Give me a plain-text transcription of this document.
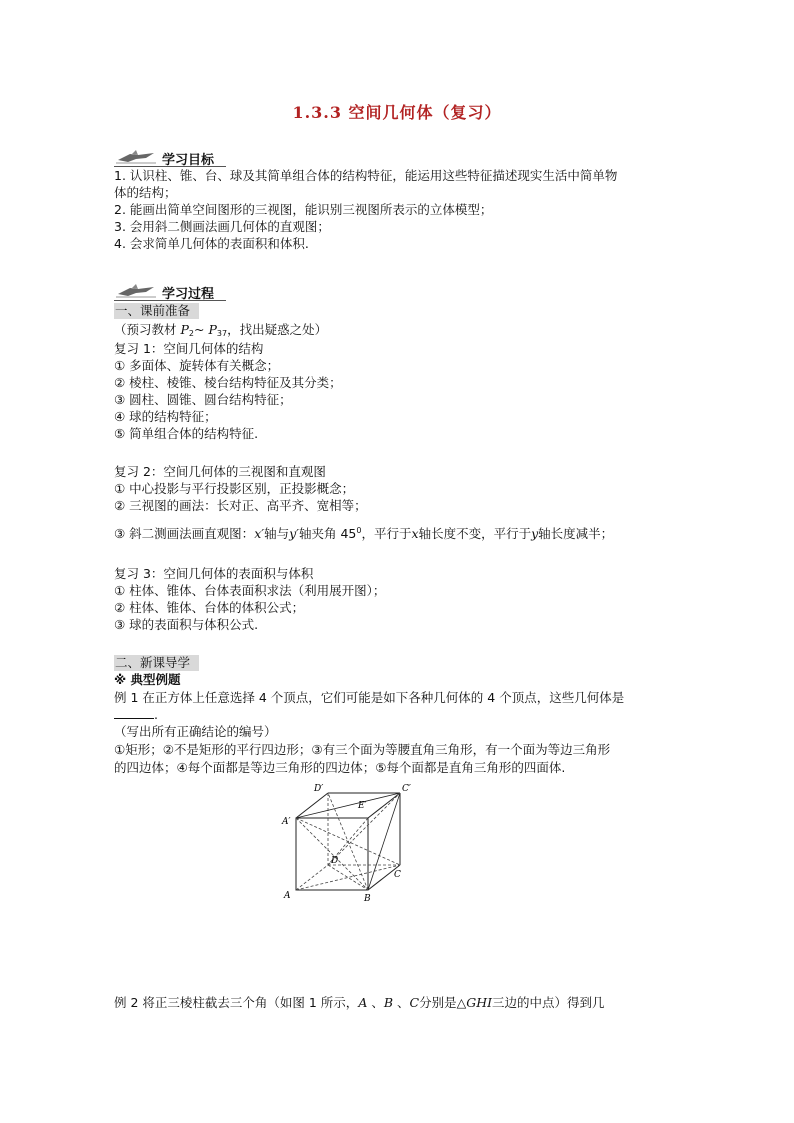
1.3.3 空间几何体（复习）
学习目标
1. 认识柱、锥、台、球及其简单组合体的结构特征，能运用这些特征描述现实生活中简单物
体的结构；
2. 能画出简单空间图形的三视图，能识别三视图所表示的立体模型；
3. 会用斜二侧画法画几何体的直观图；
4. 会求简单几何体的表面积和体积.
学习过程
一、课前准备
（预习教材 $P_2\sim$ $P_{37}$，找出疑惑之处）
复习 1：空间几何体的结构
① 多面体、旋转体有关概念；
② 棱柱、棱锥、棱台结构特征及其分类；
③ 圆柱、圆锥、圆台结构特征；
④ 球的结构特征；
⑤ 简单组合体的结构特征.
复习 2：空间几何体的三视图和直观图
① 中心投影与平行投影区别，正投影概念；
② 三视图的画法：长对正、高平齐、宽相等；
③ 斜二测画法画直观图：x′轴与y′轴夹角 $45^0$，平行于x轴长度不变，平行于y轴长度减半；
复习 3：空间几何体的表面积与体积
① 柱体、锥体、台体表面积求法（利用展开图）；
② 柱体、锥体、台体的体积公式；
③ 球的表面积与体积公式.
二、新课导学
※ 典型例题
例 1 在正方体上任意选择 4 个顶点，它们可能是如下各种几何体的 4 个顶点，这些几何体是
.
（写出所有正确结论的编号）
①矩形；②不是矩形的平行四边形；③有三个面为等腰直角三角形，有一个面为等边三角形
的四边体；④每个面都是等边三角形的四边体；⑤每个面都是直角三角形的四面体.
D′	C′
E′
A′
D
C
A	B
例 2 将正三棱柱截去三个角（如图 1 所示，A 、B 、C分别是△GHI三边的中点）得到几
